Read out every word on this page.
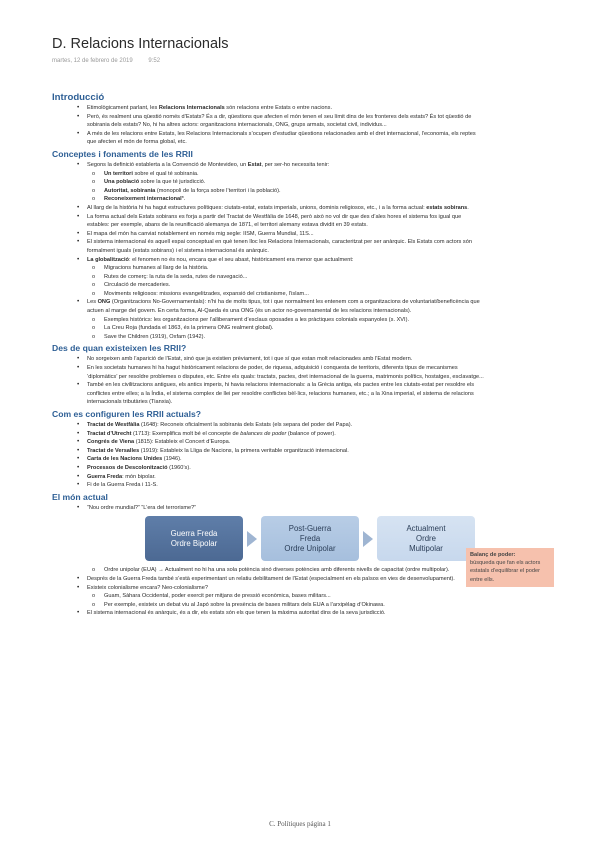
D. Relacions Internacionals
martes, 12 de febrero de 2019	9:52
Introducció
• Etimològicament parlant, les Relacions Internacionals són relacions entre Estats o entre nacions.
• Però, és realment una qüestió només d’Estats? És a dir, qüestions que afecten el món tenen el seu límit dins de les fronteres dels estats? És tot qüestió de sobirania dels estats? No, hi ha altres actors: organitzacions internacionals, ONG, grups armats, societat civil, individus...
• A més de les relacions entre Estats, les Relacions Internacionals s’ocupen d’estudiar qüestions relacionades amb el dret internacional, l’economia, els reptes que afecten el món de forma global, etc.
Conceptes i fonaments de les RRII
• Segons la definició establerta a la Convenció de Montevideo, un Estat, per ser-ho necessita tenir:
o Un territori sobre el qual té sobirania.
o Una població sobre la que té jurisdicció.
o Autoritat, sobirania (monopoli de la força sobre l’territori i la població).
o Reconeixement internacional*.
• Al llarg de la història hi ha hagut estructures polítiques: ciutats-estat, estats imperials, unions, dominis religiosos, etc., i a la forma actual: estats sobirans.
• La forma actual dels Estats sobirans es forja a partir del Tractat de Westfàlia de 1648, però això no vol dir que des d’ales hores el sistema fos igual que estables: per exemple, abans de la reunificació alemanya de 1871, el territori alemany estava dividit en 39 estats.
• El mapa del món ha canviat notablement en només mig segle: IISM, Guerra Mundial, 11S...
• El sistema internacional és aquell espai conceptual en què tenen lloc les Relacions Internacionals, caracteritzat per ser anàrquic. Els Estats com actors són formalment iguals (estats sobirans) i el sistema internacional és anàrquic.
• La globalització: el fenomen no és nou, encara que el seu abast, històricament era menor que actualment:
o Migracions humanes al llarg de la història.
o Rutes de comerç: la ruta de la seda, rutes de navegació...
o Circulació de mercaderies.
o Moviments religiosos: missions evangelitzades, expansió del cristianisme, l’islam...
• Les ONG (Organitzacions No-Governamentals): n’hi ha de molts tipus, tot i que normalment les entenem com a organitzacions de voluntariat/beneficència que actuen al marge del govern. En certa forma, Al-Qaeda és una ONG (és un actor no-governamental de les relacions internacionals).
o Exemples històrics: les organitzacions per l’alliberament d’esclaus oposades a les pràctiques colonials espanyoles (s. XVI).
o La Creu Roja (fundada el 1863, és la primera ONG realment global).
o Save the Children (1919), Oxfam (1942).
Des de quan existeixen les RRII?
• No sorgeixen amb l’aparició de l’Estat, sinó que ja existien prèviament, tot i que sí que estan molt relacionades amb l’Estat modern.
• En les societats humanes hi ha hagut històricament relacions de poder, de riquesa, adquisició i conquesta de territoris, diferents tipus de mecanismes ‘diplomàtics’ per resoldre problemes o disputes, etc. Entre els quals: tractats, pactes, dret internacional de la guerra, matrimonis polítics, hostatges, esclavatge...
• També en les civilitzacions antigues, els antics imperis, hi havia relacions internacionals: a la Grècia antiga, els pactes entre les ciutats-estat per resoldre els conflictes entre elles; a la Índia, el sistema complex de llei per resoldre conflictes bèl·lics, relacions humanes, etc.; a la Xina imperial, el sistema de relacions internacionals tributàries (Tianxia).
Com es configuren les RRII actuals?
• Tractat de Westfàlia (1648): Reconeix oficialment la sobirania dels Estats (els separa del poder del Papa).
• Tractat d’Utrecht (1713): Exemplifica molt bé el concepte de balances de poder (balance of power).
• Congrés de Viena (1815): Estableix el Concert d’Europa.
• Tractat de Versalles (1919): Estableix la Lliga de Nacions, la primera veritable organització internacional.
• Carta de les Nacions Unides (1946).
• Processos de Descolonització (1960’s).
• Guerra Freda: món bipolar.
• Fi de la Guerra Freda i 11-S.
El món actual
• “Nou ordre mundial?” “L’era del terrorisme?”
Guerra Freda
Ordre Bipolar
Post-Guerra
Freda
Ordre Unipolar
Actualment
Ordre
Multipolar
o Ordre unipolar (EUA) → Actualment no hi ha una sola potència sinó diverses potències amb diferents nivells de capacitat (ordre multipolar).
• Després de la Guerra Freda també s’està experimentant un relatiu debilitament de l’Estat (especialment en els països en vies de desenvolupament).
• Existeix colonialisme encara? Neo-colonialisme?
o Guam, Sàhara Occidental, poder exercit per mitjans de pressió econòmica, bases militars...
o Per exemple, existeix un debat viu al Japó sobre la presència de bases militars dels EUA a l’arxipèlag d’Okinawa.
• El sistema internacional és anàrquic, és a dir, els estats són els que tenen la màxima autoritat dins de la seva jurisdicció.
Balanç de poder:
búsqueda que fan els actors estatals d’equilibrar el poder entre ells.
C. Polítiques página 1
